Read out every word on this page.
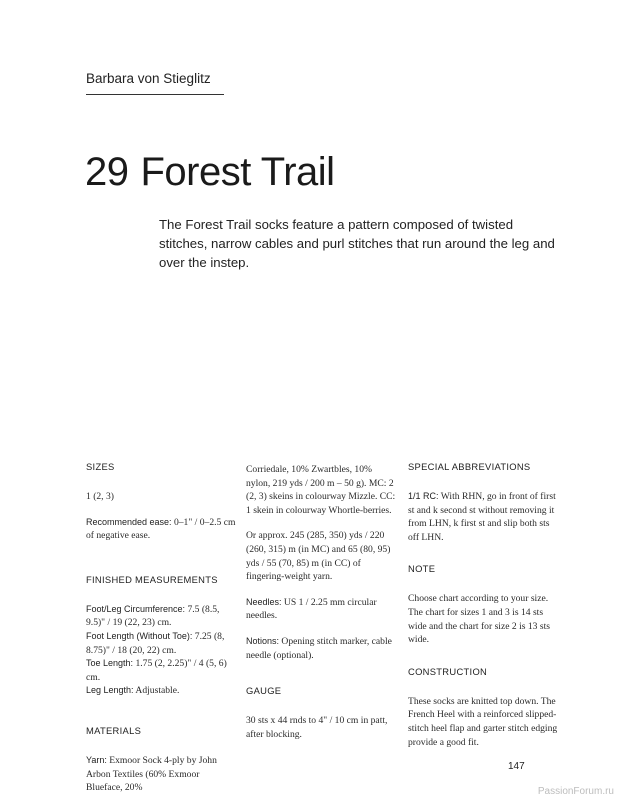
Barbara von Stieglitz
29 Forest Trail

The Forest Trail socks feature a pattern composed of twisted stitches, narrow cables and purl stitches that run around the leg and over the instep.

SIZES

1 (2, 3)

Recommended ease: 0–1" / 0–2.5 cm of negative ease.

FINISHED MEASUREMENTS

Foot/Leg Circumference: 7.5 (8.5, 9.5)" / 19 (22, 23) cm.
Foot Length (Without Toe): 7.25 (8, 8.75)" / 18 (20, 22) cm.
Toe Length: 1.75 (2, 2.25)" / 4 (5, 6) cm.
Leg Length: Adjustable.

MATERIALS

Yarn: Exmoor Sock 4-ply by John Arbon Textiles (60% Exmoor Blueface, 20%

Corriedale, 10% Zwartbles, 10% nylon, 219 yds / 200 m – 50 g). MC: 2 (2, 3) skeins in colourway Mizzle. CC: 1 skein in colourway Whortle-berries.

Or approx. 245 (285, 350) yds / 220 (260, 315) m (in MC) and 65 (80, 95) yds / 55 (70, 85) m (in CC) of fingering-weight yarn.

Needles: US 1 / 2.25 mm circular needles.

Notions: Opening stitch marker, cable needle (optional).

GAUGE

30 sts x 44 rnds to 4" / 10 cm in patt, after blocking.

SPECIAL ABBREVIATIONS

1/1 RC: With RHN, go in front of first st and k second st without removing it from LHN, k first st and slip both sts off LHN.

NOTE

Choose chart according to your size. The chart for sizes 1 and 3 is 14 sts wide and the chart for size 2 is 13 sts wide.

CONSTRUCTION

These socks are knitted top down. The French Heel with a reinforced slipped-stitch heel flap and garter stitch edging provide a good fit.

147
PassionForum.ru
